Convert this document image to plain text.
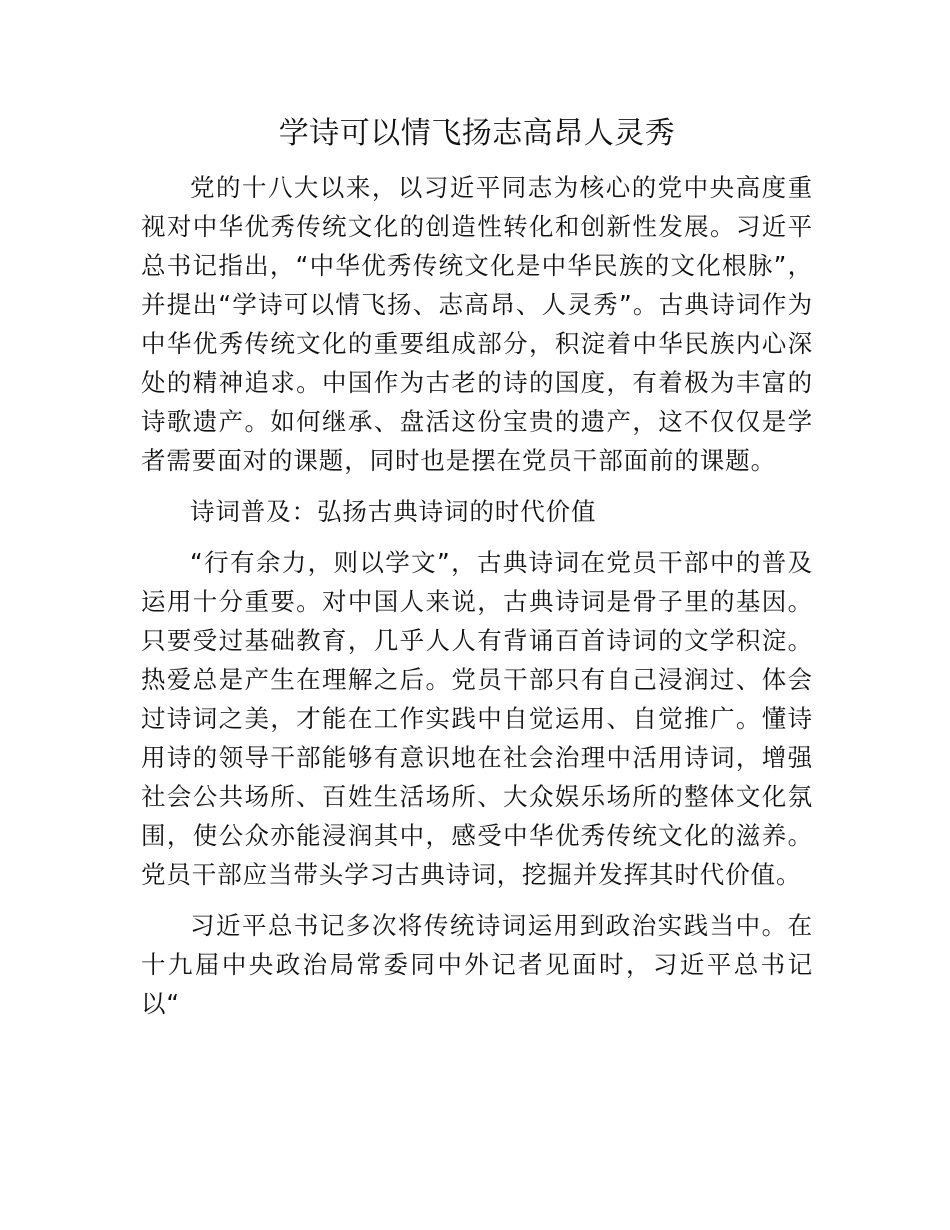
学诗可以情飞扬志高昂人灵秀

党的十八大以来，以习近平同志为核心的党中央高度重视对中华优秀传统文化的创造性转化和创新性发展。习近平总书记指出，“中华优秀传统文化是中华民族的文化根脉”，并提出“学诗可以情飞扬、志高昂、人灵秀”。古典诗词作为中华优秀传统文化的重要组成部分，积淀着中华民族内心深处的精神追求。中国作为古老的诗的国度，有着极为丰富的诗歌遗产。如何继承、盘活这份宝贵的遗产，这不仅仅是学者需要面对的课题，同时也是摆在党员干部面前的课题。

诗词普及：弘扬古典诗词的时代价值

“行有余力，则以学文”，古典诗词在党员干部中的普及运用十分重要。对中国人来说，古典诗词是骨子里的基因。只要受过基础教育，几乎人人有背诵百首诗词的文学积淀。热爱总是产生在理解之后。党员干部只有自己浸润过、体会过诗词之美，才能在工作实践中自觉运用、自觉推广。懂诗用诗的领导干部能够有意识地在社会治理中活用诗词，增强社会公共场所、百姓生活场所、大众娱乐场所的整体文化氛围，使公众亦能浸润其中，感受中华优秀传统文化的滋养。党员干部应当带头学习古典诗词，挖掘并发挥其时代价值。

习近平总书记多次将传统诗词运用到政治实践当中。在十九届中央政治局常委同中外记者见面时，习近平总书记以“
